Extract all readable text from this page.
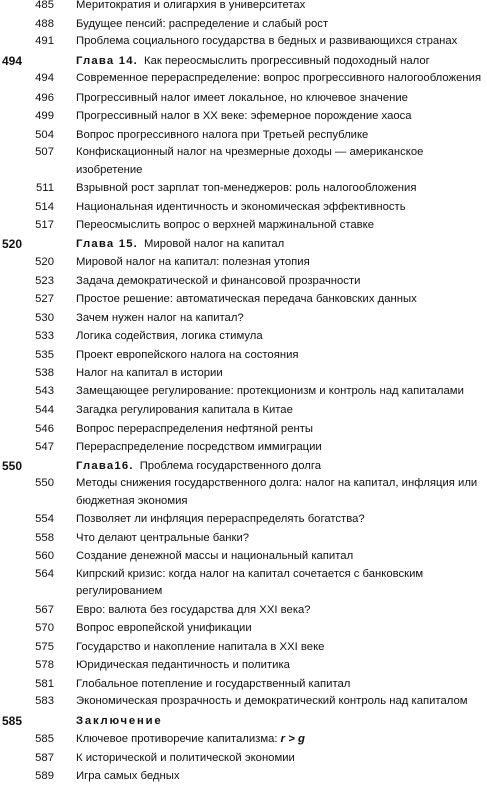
485 Меритократия и олигархия в университетах
488 Будущее пенсий: распределение и слабый рост
491 Проблема социального государства в бедных и развивающихся странах
494	Глава 14. Как переосмыслить прогрессивный подоходный налог
494 Современное перераспределение: вопрос прогрессивного налогообложения
496 Прогрессивный налог имеет локальное, но ключевое значение
499 Прогрессивный налог в XX веке: эфемерное порождение хаоса
504 Вопрос прогрессивного налога при Третьей республике
507 Конфискационный налог на чрезмерные доходы — американское изобретение
511 Взрывной рост зарплат топ-менеджеров: роль налогообложения
514 Национальная идентичность и экономическая эффективность
517 Переосмыслить вопрос о верхней маржинальной ставке
520	Глава 15. Мировой налог на капитал
520 Мировой налог на капитал: полезная утопия
523 Задача демократической и финансовой прозрачности
527 Простое решение: автоматическая передача банковских данных
530 Зачем нужен налог на капитал?
533 Логика содействия, логика стимула
535 Проект европейского налога на состояния
538 Налог на капитал в истории
543 Замещающее регулирование: протекционизм и контроль над капиталами
544 Загадка регулирования капитала в Китае
546 Вопрос перераспределения нефтяной ренты
547 Перераспределение посредством иммиграции
550	Глава16. Проблема государственного долга
550 Методы снижения государственного долга: налог на капитал, инфляция или бюджетная экономия
554 Позволяет ли инфляция перераспределять богатства?
558 Что делают центральные банки?
560 Создание денежной массы и национальный капитал
564 Кипрский кризис: когда налог на капитал сочетается с банковским регулированием
567 Евро: валюта без государства для XXI века?
570 Вопрос европейской унификации
575 Государство и накопление напитала в XXI веке
578 Юридическая педантичность и политика
581 Глобальное потепление и государственный капитал
583 Экономическая прозрачность и демократический контроль над капиталом
585	Заключение
585 Ключевое противоречие капитализма: r > g
587 К исторической и политической экономии
589 Игра самых бедных
